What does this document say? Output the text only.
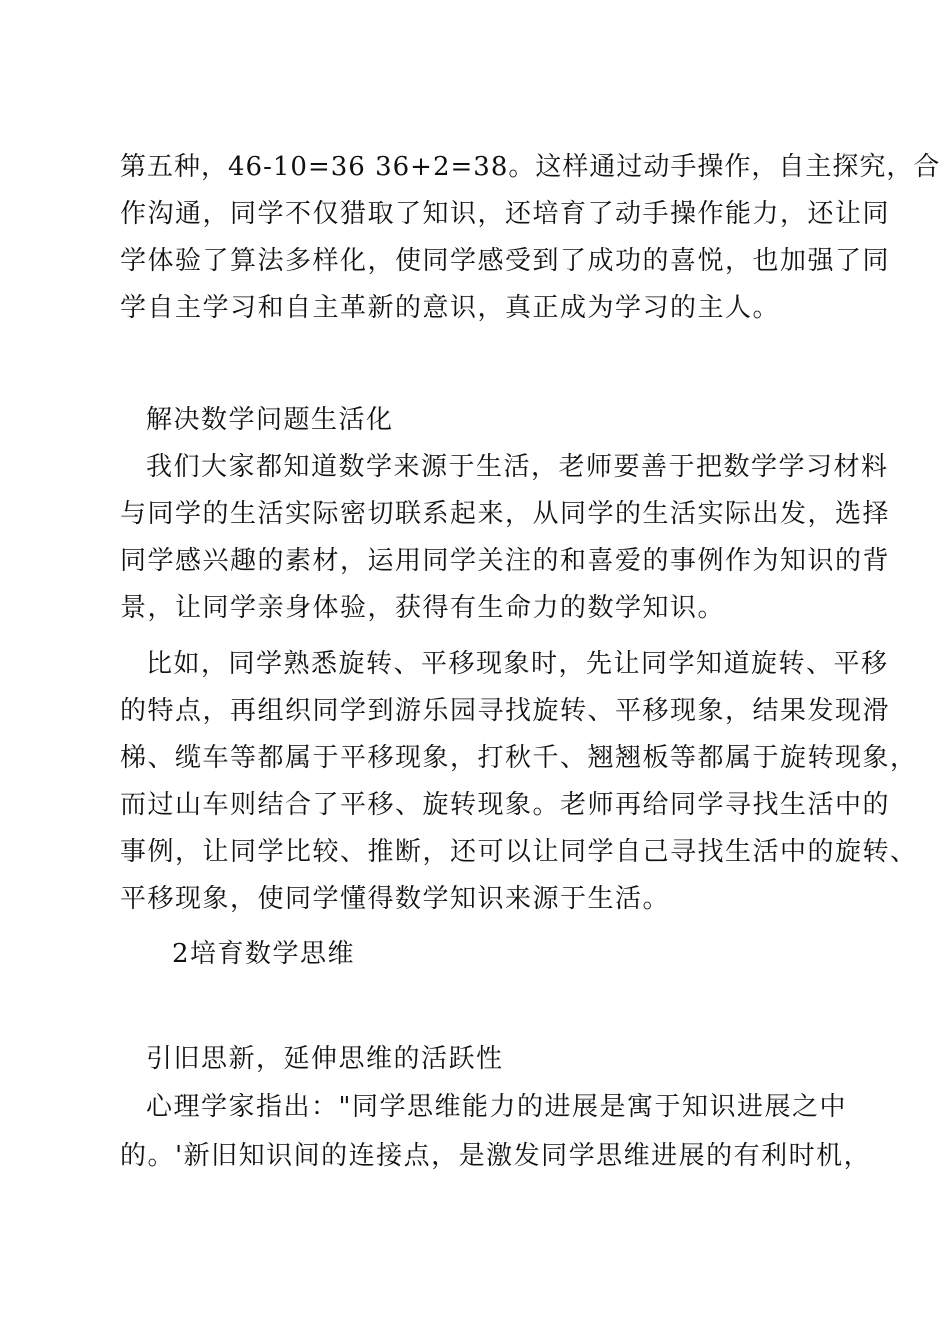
第五种，46-10=36 36+2=38。这样通过动手操作，自主探究，合
作沟通，同学不仅猎取了知识，还培育了动手操作能力，还让同
学体验了算法多样化，使同学感受到了成功的喜悦，也加强了同
学自主学习和自主革新的意识，真正成为学习的主人。
解决数学问题生活化
我们大家都知道数学来源于生活，老师要善于把数学学习材料
与同学的生活实际密切联系起来，从同学的生活实际出发，选择
同学感兴趣的素材，运用同学关注的和喜爱的事例作为知识的背
景，让同学亲身体验，获得有生命力的数学知识。
比如，同学熟悉旋转、平移现象时，先让同学知道旋转、平移
的特点，再组织同学到游乐园寻找旋转、平移现象，结果发现滑
梯、缆车等都属于平移现象，打秋千、翘翘板等都属于旋转现象，
而过山车则结合了平移、旋转现象。老师再给同学寻找生活中的
事例，让同学比较、推断，还可以让同学自己寻找生活中的旋转、
平移现象，使同学懂得数学知识来源于生活。
2培育数学思维
引旧思新，延伸思维的活跃性
心理学家指出："同学思维能力的进展是寓于知识进展之中
的。'新旧知识间的连接点，是激发同学思维进展的有利时机，
